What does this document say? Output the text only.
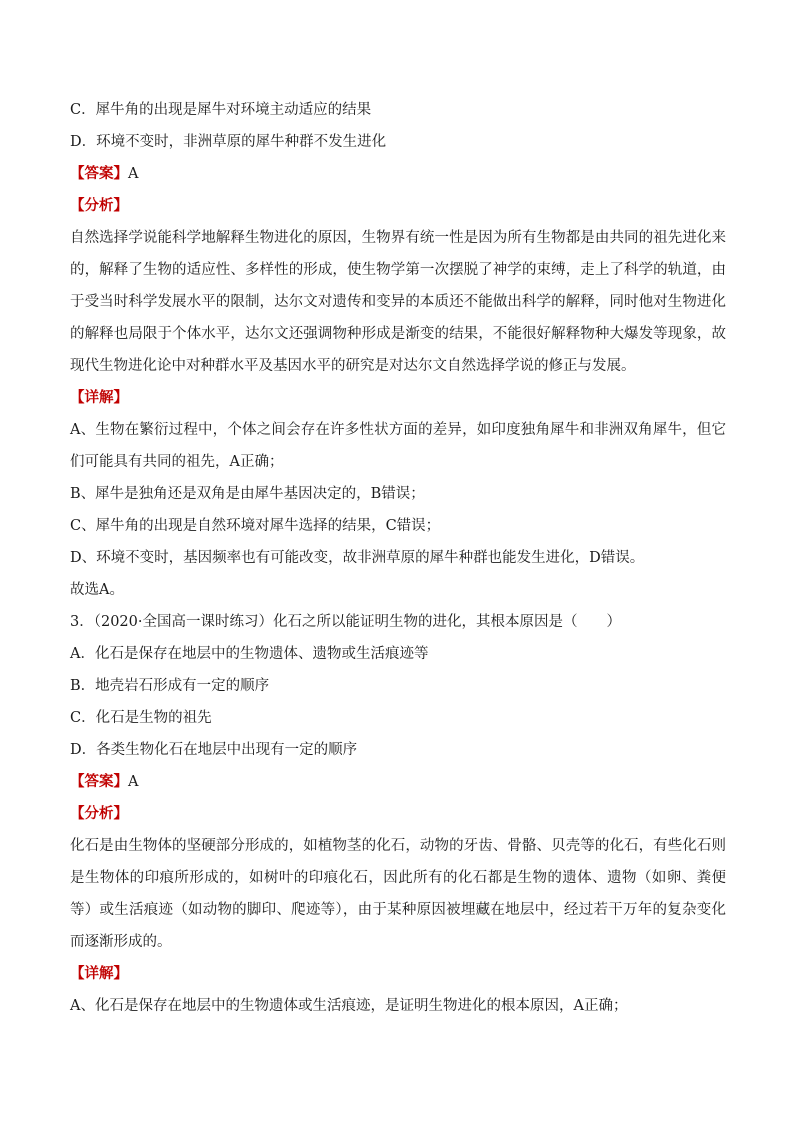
C．犀牛角的出现是犀牛对环境主动适应的结果

D．环境不变时，非洲草原的犀牛种群不发生进化

【答案】A

【分析】

自然选择学说能科学地解释生物进化的原因，生物界有统一性是因为所有生物都是由共同的祖先进化来的，解释了生物的适应性、多样性的形成，使生物学第一次摆脱了神学的束缚，走上了科学的轨道，由于受当时科学发展水平的限制，达尔文对遗传和变异的本质还不能做出科学的解释，同时他对生物进化的解释也局限于个体水平，达尔文还强调物种形成是渐变的结果，不能很好解释物种大爆发等现象，故现代生物进化论中对种群水平及基因水平的研究是对达尔文自然选择学说的修正与发展。

【详解】

A、生物在繁衍过程中，个体之间会存在许多性状方面的差异，如印度独角犀牛和非洲双角犀牛，但它们可能具有共同的祖先，A正确；

B、犀牛是独角还是双角是由犀牛基因决定的，B错误；

C、犀牛角的出现是自然环境对犀牛选择的结果，C错误；

D、环境不变时，基因频率也有可能改变，故非洲草原的犀牛种群也能发生进化，D错误。

故选A。

3．（2020·全国高一课时练习）化石之所以能证明生物的进化，其根本原因是（　　）

A．化石是保存在地层中的生物遗体、遗物或生活痕迹等

B．地壳岩石形成有一定的顺序

C．化石是生物的祖先

D．各类生物化石在地层中出现有一定的顺序

【答案】A

【分析】

化石是由生物体的坚硬部分形成的，如植物茎的化石，动物的牙齿、骨骼、贝壳等的化石，有些化石则是生物体的印痕所形成的，如树叶的印痕化石，因此所有的化石都是生物的遗体、遗物（如卵、粪便等）或生活痕迹（如动物的脚印、爬迹等），由于某种原因被埋藏在地层中，经过若干万年的复杂变化而逐渐形成的。

【详解】

A、化石是保存在地层中的生物遗体或生活痕迹，是证明生物进化的根本原因，A正确；
